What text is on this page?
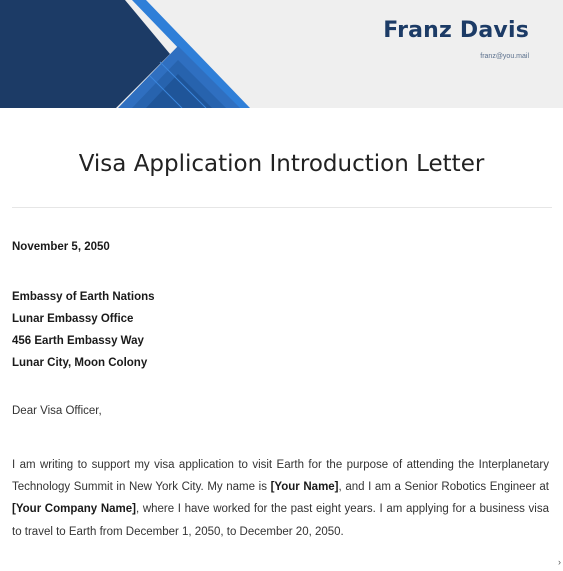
Franz Davis
franz@you.mail
Visa Application Introduction Letter
November 5, 2050
Embassy of Earth Nations
Lunar Embassy Office
456 Earth Embassy Way
Lunar City, Moon Colony
Dear Visa Officer,
I am writing to support my visa application to visit Earth for the purpose of attending the Interplanetary Technology Summit in New York City. My name is [Your Name], and I am a Senior Robotics Engineer at [Your Company Name], where I have worked for the past eight years. I am applying for a business visa to travel to Earth from December 1, 2050, to December 20, 2050.
›
